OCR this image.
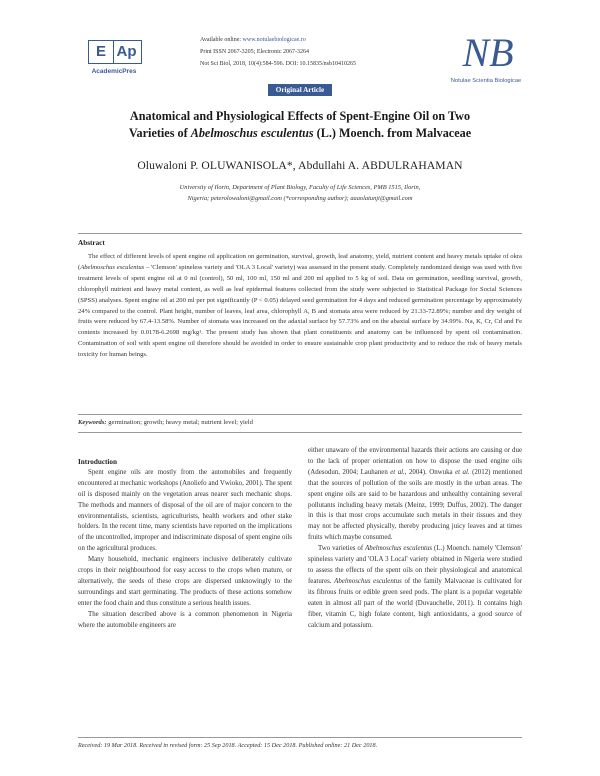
E Ap
AcademicPres
Available online: www.notulaebiologicae.ro
Print ISSN 2067-3205; Electronic 2067-3264
Not Sci Biol, 2018, 10(4):584-596. DOI: 10.15835/nsb10410265	NB
Notulae Scientia Biologicae
Original Article
Anatomical and Physiological Effects of Spent-Engine Oil on Two
Varieties of Abelmoschus esculentus (L.) Moench. from Malvaceae
Oluwaloni P. OLUWANISOLA*, Abdullahi A. ABDULRAHAMAN
University of Ilorin, Department of Plant Biology, Faculty of Life Sciences, PMB 1515, Ilorin,
Nigeria; peterolowaloni@gmail.com (*corresponding author); aaaolatunji@gmail.com
Abstract
The effect of different levels of spent engine oil application on germination, survival, growth, leaf anatomy, yield, nutrient content and heavy metals uptake of okra (Abelmoschus esculentus – 'Clemson' spineless variety and 'OLA 3 Local' variety) was assessed in the present study. Completely randomized design was used with five treatment levels of spent engine oil at 0 ml (control), 50 ml, 100 ml, 150 ml and 200 ml applied to 5 kg of soil. Data on germination, seedling survival, growth, chlorophyll nutrient and heavy metal content, as well as leaf epidermal features collected from the study were subjected to Statistical Package for Social Sciences (SPSS) analyses. Spent engine oil at 200 ml per pot significantly (P < 0.05) delayed seed germination for 4 days and reduced germination percentage by approximately 24% compared to the control. Plant height, number of leaves, leaf area, chlorophyll A, B and stomata area were reduced by 21.33-72.89%; number and dry weight of fruits were reduced by 67.4-13.58%. Number of stomata was increased on the adaxial surface by 57.73% and on the abaxial surface by 34.99%. Na, K, Cr, Cd and Fe contents increased by 0.0178-6.2698 mg/kg¹. The present study has shown that plant constituents and anatomy can be influenced by spent oil contamination. Contamination of soil with spent engine oil therefore should be avoided in order to ensure sustainable crop plant productivity and to reduce the risk of heavy metals toxicity for human beings.
Keywords: germination; growth; heavy metal; nutrient level; yield

Introduction

Spent engine oils are mostly from the automobiles and frequently encountered at mechanic workshops (Anoliefo and Vwioko, 2001). The spent oil is disposed mainly on the vegetation areas nearer such mechanic shops. The methods and manners of disposal of the oil are of major concern to the environmentalists, scientists, agriculturists, health workers and other stake holders. In the recent time, many scientists have reported on the implications of the uncontrolled, improper and indiscriminate disposal of spent engine oils on the agricultural produces.

Many household, mechanic engineers inclusive deliberately cultivate crops in their neighbourhood for easy access to the crops when mature, or alternatively, the seeds of these crops are dispersed unknowingly to the surroundings and start germinating. The products of these actions somehow enter the food chain and thus constitute a serious health issues.

The situation described above is a common phenomenon in Nigeria where the automobile engineers are

either unaware of the environmental hazards their actions are causing or due to the lack of proper orientation on how to dispose the used engine oils (Adesodun, 2004; Lauhanen et al., 2004). Onwuka et al. (2012) mentioned that the sources of pollution of the soils are mostly in the urban areas. The spent engine oils are said to be hazardous and unhealthy containing several pollutants including heavy metals (Meinz, 1999; Duffus, 2002). The danger in this is that most crops accumulate such metals in their tissues and they may not be affected physically, thereby producing juicy leaves and at times fruits which maybe consumed.

Two varieties of Abelmoschus esculentus (L.) Moench. namely 'Clemson' spineless variety and 'OLA 3 Local' variety obtained in Nigeria were studied to assess the effects of the spent oils on their physiological and anatomical features. Abelmoschus esculentus of the family Malvaceae is cultivated for its fibrous fruits or edible green seed pods. The plant is a popular vegetable eaten in almost all part of the world (Duvauchelle, 2011). It contains high fiber, vitamin C, high folate content, high antioxidants, a good source of calcium and potassium.

Received: 19 Mar 2018. Received in revised form: 25 Sep 2018. Accepted: 15 Dec 2018. Published online: 21 Dec 2018.
